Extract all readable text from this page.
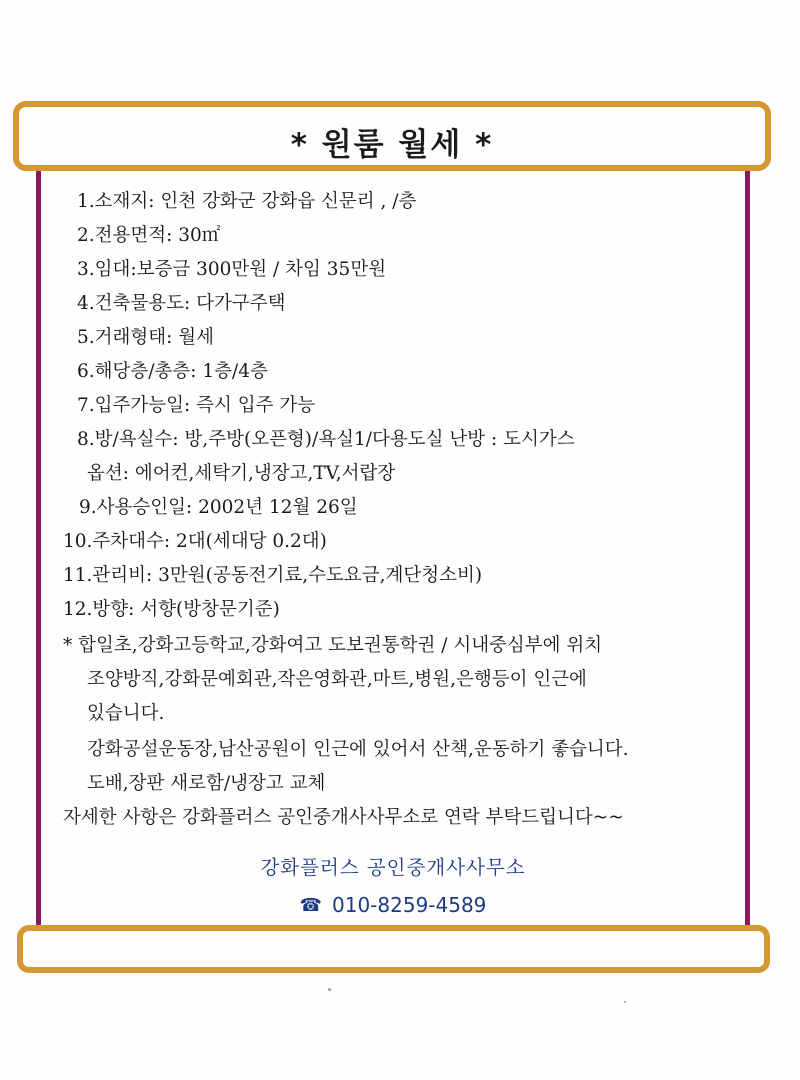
* 원룸 월세 *
1.소재지: 인천 강화군 강화읍 신문리 , /층
2.전용면적: 30㎡
3.임대:보증금 300만원 / 차임 35만원
4.건축물용도: 다가구주택
5.거래형태: 월세
6.해당층/총층: 1층/4층
7.입주가능일: 즉시 입주 가능
8.방/욕실수: 방,주방(오픈형)/욕실1/다용도실 난방 : 도시가스
옵션: 에어컨,세탁기,냉장고,TV,서랍장
9.사용승인일: 2002년 12월 26일
10.주차대수: 2대(세대당 0.2대)
11.관리비: 3만원(공동전기료,수도요금,계단청소비)
12.방향: 서향(방창문기준)
* 합일초,강화고등학교,강화여고 도보권통학권 / 시내중심부에 위치
조양방직,강화문예회관,작은영화관,마트,병원,은행등이 인근에
있습니다.
강화공설운동장,남산공원이 인근에 있어서 산책,운동하기 좋습니다.
도배,장판 새로함/냉장고 교체
자세한 사항은 강화플러스 공인중개사사무소로 연락 부탁드립니다~~
강화플러스 공인중개사사무소
☎ 010-8259-4589
